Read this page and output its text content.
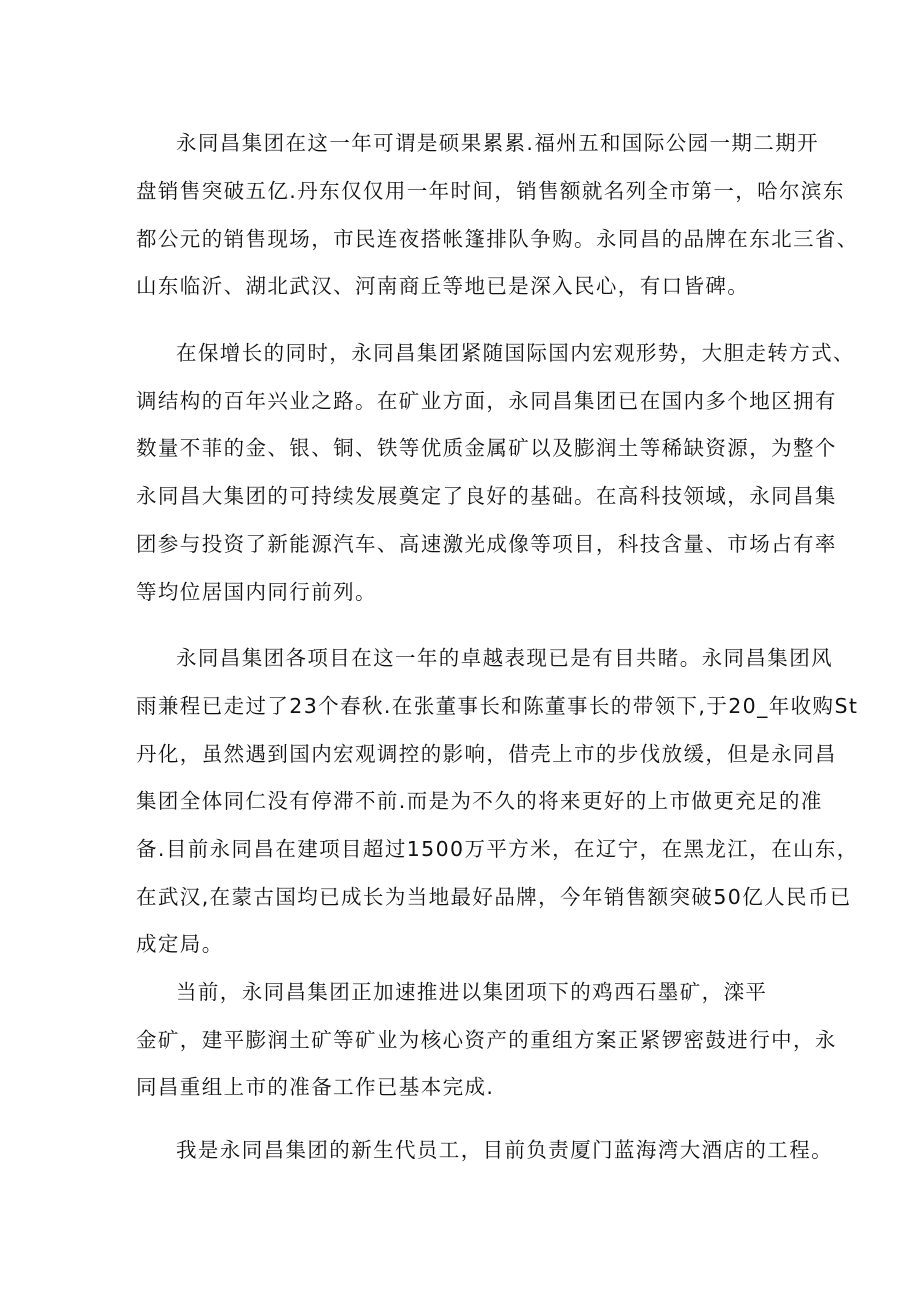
永同昌集团在这一年可谓是硕果累累.福州五和国际公园一期二期开
盘销售突破五亿.丹东仅仅用一年时间，销售额就名列全市第一，哈尔滨东
都公元的销售现场，市民连夜搭帐篷排队争购。永同昌的品牌在东北三省、
山东临沂、湖北武汉、河南商丘等地已是深入民心，有口皆碑。
在保增长的同时，永同昌集团紧随国际国内宏观形势，大胆走转方式、
调结构的百年兴业之路。在矿业方面，永同昌集团已在国内多个地区拥有
数量不菲的金、银、铜、铁等优质金属矿以及膨润土等稀缺资源，为整个
永同昌大集团的可持续发展奠定了良好的基础。在高科技领域，永同昌集
团参与投资了新能源汽车、高速激光成像等项目，科技含量、市场占有率
等均位居国内同行前列。
永同昌集团各项目在这一年的卓越表现已是有目共睹。永同昌集团风
雨兼程已走过了23个春秋.在张董事长和陈董事长的带领下,于20_年收购St
丹化，虽然遇到国内宏观调控的影响，借壳上市的步伐放缓，但是永同昌
集团全体同仁没有停滞不前.而是为不久的将来更好的上市做更充足的准
备.目前永同昌在建项目超过1500万平方米，在辽宁，在黑龙江，在山东，
在武汉,在蒙古国均已成长为当地最好品牌，今年销售额突破50亿人民币已
成定局。
当前，永同昌集团正加速推进以集团项下的鸡西石墨矿，滦平
金矿，建平膨润土矿等矿业为核心资产的重组方案正紧锣密鼓进行中，永
同昌重组上市的准备工作已基本完成.
我是永同昌集团的新生代员工，目前负责厦门蓝海湾大酒店的工程。
